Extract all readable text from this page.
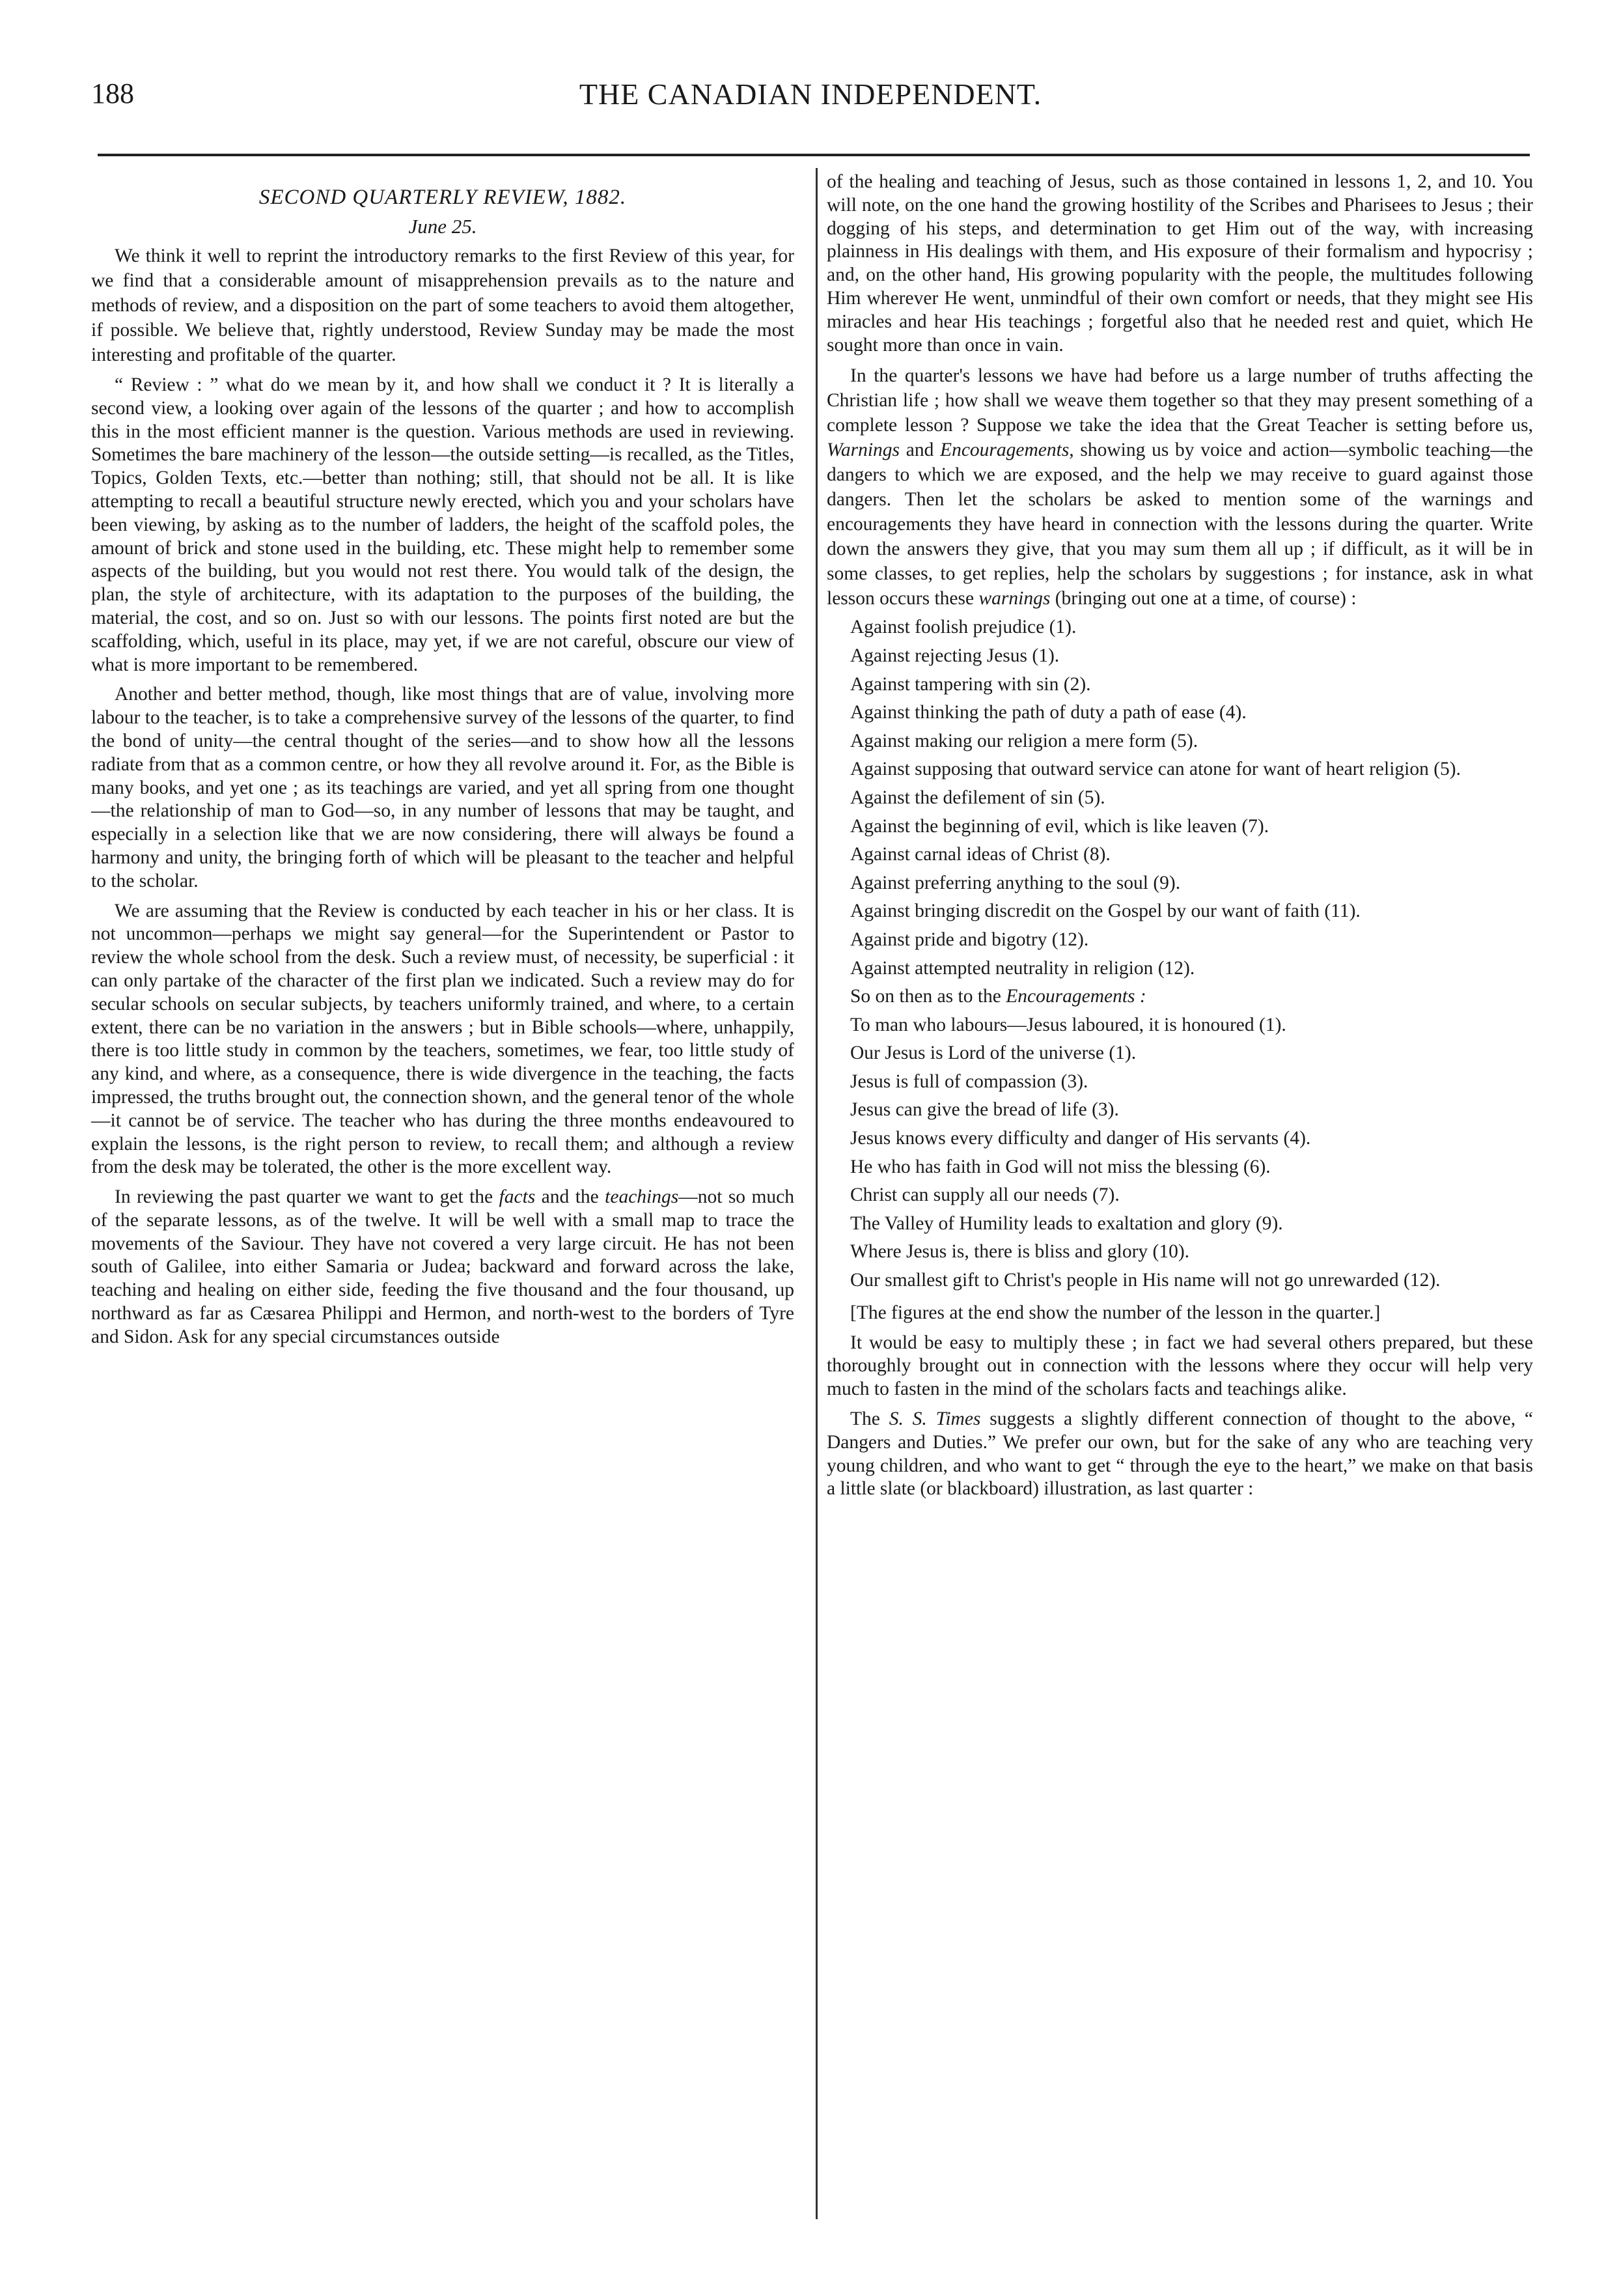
188	THE CANADIAN INDEPENDENT.
SECOND QUARTERLY REVIEW, 1882.
June 25.

We think it well to reprint the introductory remarks to the first Review of this year, for we find that a considerable amount of misapprehension prevails as to the nature and methods of review, and a disposition on the part of some teachers to avoid them altogether, if possible. We believe that, rightly understood, Review Sunday may be made the most interesting and profitable of the quarter.

“ Review : ” what do we mean by it, and how shall we conduct it ? It is literally a second view, a looking over again of the lessons of the quarter ; and how to accomplish this in the most efficient manner is the question. Various methods are used in reviewing. Sometimes the bare machinery of the lesson—the outside setting—is recalled, as the Titles, Topics, Golden Texts, etc.—better than nothing; still, that should not be all. It is like attempting to recall a beautiful structure newly erected, which you and your scholars have been viewing, by asking as to the number of ladders, the height of the scaffold poles, the amount of brick and stone used in the building, etc. These might help to remember some aspects of the building, but you would not rest there. You would talk of the design, the plan, the style of architecture, with its adaptation to the purposes of the building, the material, the cost, and so on. Just so with our lessons. The points first noted are but the scaffolding, which, useful in its place, may yet, if we are not careful, obscure our view of what is more important to be remembered.

Another and better method, though, like most things that are of value, involving more labour to the teacher, is to take a comprehensive survey of the lessons of the quarter, to find the bond of unity—the central thought of the series—and to show how all the lessons radiate from that as a common centre, or how they all revolve around it. For, as the Bible is many books, and yet one ; as its teachings are varied, and yet all spring from one thought—the relationship of man to God—so, in any number of lessons that may be taught, and especially in a selection like that we are now considering, there will always be found a harmony and unity, the bringing forth of which will be pleasant to the teacher and helpful to the scholar.

We are assuming that the Review is conducted by each teacher in his or her class. It is not uncommon—perhaps we might say general—for the Superintendent or Pastor to review the whole school from the desk. Such a review must, of necessity, be superficial : it can only partake of the character of the first plan we indicated. Such a review may do for secular schools on secular subjects, by teachers uniformly trained, and where, to a certain extent, there can be no variation in the answers ; but in Bible schools—where, unhappily, there is too little study in common by the teachers, sometimes, we fear, too little study of any kind, and where, as a consequence, there is wide divergence in the teaching, the facts impressed, the truths brought out, the connection shown, and the general tenor of the whole—it cannot be of service. The teacher who has during the three months endeavoured to explain the lessons, is the right person to review, to recall them; and although a review from the desk may be tolerated, the other is the more excellent way.

In reviewing the past quarter we want to get the facts and the teachings—not so much of the separate lessons, as of the twelve. It will be well with a small map to trace the movements of the Saviour. They have not covered a very large circuit. He has not been south of Galilee, into either Samaria or Judea; backward and forward across the lake, teaching and healing on either side, feeding the five thousand and the four thousand, up northward as far as Cæsarea Philippi and Hermon, and north-west to the borders of Tyre and Sidon. Ask for any special circumstances outside

of the healing and teaching of Jesus, such as those contained in lessons 1, 2, and 10. You will note, on the one hand the growing hostility of the Scribes and Pharisees to Jesus ; their dogging of his steps, and determination to get Him out of the way, with increasing plainness in His dealings with them, and His exposure of their formalism and hypocrisy ; and, on the other hand, His growing popularity with the people, the multitudes following Him wherever He went, unmindful of their own comfort or needs, that they might see His miracles and hear His teachings ; forgetful also that he needed rest and quiet, which He sought more than once in vain.

In the quarter's lessons we have had before us a large number of truths affecting the Christian life ; how shall we weave them together so that they may present something of a complete lesson ? Suppose we take the idea that the Great Teacher is setting before us, Warnings and Encouragements, showing us by voice and action—symbolic teaching—the dangers to which we are exposed, and the help we may receive to guard against those dangers. Then let the scholars be asked to mention some of the warnings and encouragements they have heard in connection with the lessons during the quarter. Write down the answers they give, that you may sum them all up ; if difficult, as it will be in some classes, to get replies, help the scholars by suggestions ; for instance, ask in what lesson occurs these warnings (bringing out one at a time, of course) :

Against foolish prejudice (1).
Against rejecting Jesus (1).
Against tampering with sin (2).
Against thinking the path of duty a path of ease (4).
Against making our religion a mere form (5).
Against supposing that outward service can atone for want of heart religion (5).
Against the defilement of sin (5).
Against the beginning of evil, which is like leaven (7).
Against carnal ideas of Christ (8).
Against preferring anything to the soul (9).
Against bringing discredit on the Gospel by our want of faith (11).
Against pride and bigotry (12).
Against attempted neutrality in religion (12).
So on then as to the Encouragements :
To man who labours—Jesus laboured, it is honoured (1).
Our Jesus is Lord of the universe (1).
Jesus is full of compassion (3).
Jesus can give the bread of life (3).
Jesus knows every difficulty and danger of His servants (4).
He who has faith in God will not miss the blessing (6).
Christ can supply all our needs (7).
The Valley of Humility leads to exaltation and glory (9).
Where Jesus is, there is bliss and glory (10).
Our smallest gift to Christ's people in His name will not go unrewarded (12).

[The figures at the end show the number of the lesson in the quarter.]

It would be easy to multiply these ; in fact we had several others prepared, but these thoroughly brought out in connection with the lessons where they occur will help very much to fasten in the mind of the scholars facts and teachings alike.

The S. S. Times suggests a slightly different connection of thought to the above, “ Dangers and Duties.” We prefer our own, but for the sake of any who are teaching very young children, and who want to get “ through the eye to the heart,” we make on that basis a little slate (or blackboard) illustration, as last quarter :
